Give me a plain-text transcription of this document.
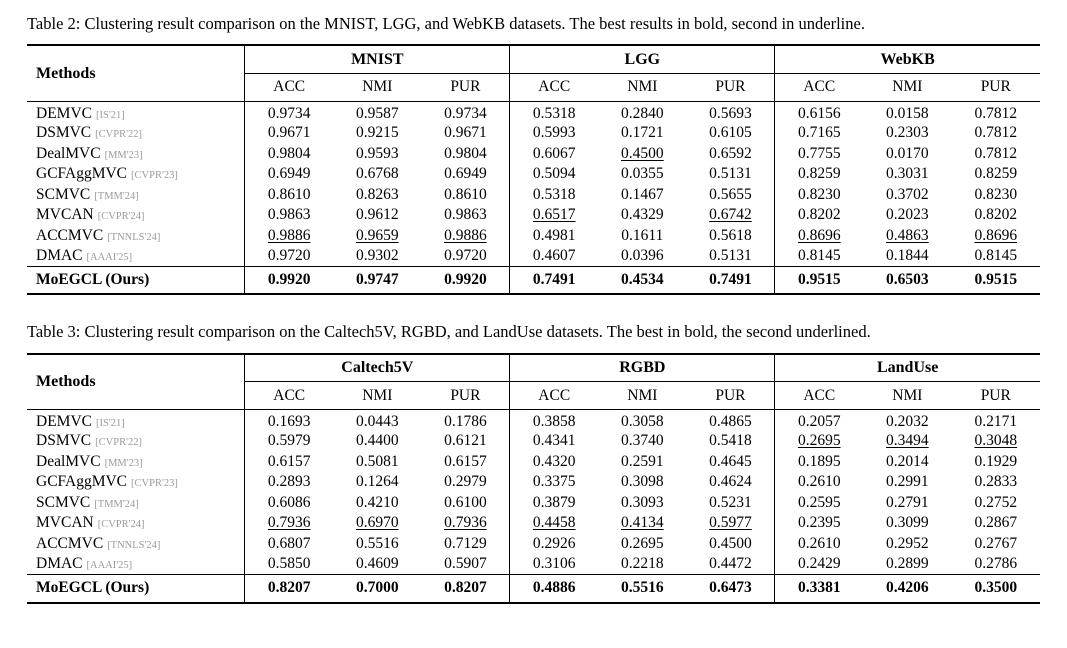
Table 2: Clustering result comparison on the MNIST, LGG, and WebKB datasets. The best results in bold, second in underline.
Methods	MNIST			LGG			WebKB		
	ACC	NMI	PUR	ACC	NMI	PUR	ACC	NMI	PUR
DEMVC [IS'21]	0.9734	0.9587	0.9734	0.5318	0.2840	0.5693	0.6156	0.0158	0.7812
DSMVC [CVPR'22]	0.9671	0.9215	0.9671	0.5993	0.1721	0.6105	0.7165	0.2303	0.7812
DealMVC [MM'23]	0.9804	0.9593	0.9804	0.6067	0.4500	0.6592	0.7755	0.0170	0.7812
GCFAggMVC [CVPR'23]	0.6949	0.6768	0.6949	0.5094	0.0355	0.5131	0.8259	0.3031	0.8259
SCMVC [TMM'24]	0.8610	0.8263	0.8610	0.5318	0.1467	0.5655	0.8230	0.3702	0.8230
MVCAN [CVPR'24]	0.9863	0.9612	0.9863	0.6517	0.4329	0.6742	0.8202	0.2023	0.8202
ACCMVC [TNNLS'24]	0.9886	0.9659	0.9886	0.4981	0.1611	0.5618	0.8696	0.4863	0.8696
DMAC [AAAI'25]	0.9720	0.9302	0.9720	0.4607	0.0396	0.5131	0.8145	0.1844	0.8145
MoEGCL (Ours)	0.9920	0.9747	0.9920	0.7491	0.4534	0.7491	0.9515	0.6503	0.9515
Table 3: Clustering result comparison on the Caltech5V, RGBD, and LandUse datasets. The best in bold, the second underlined.
Methods	Caltech5V			RGBD			LandUse		
	ACC	NMI	PUR	ACC	NMI	PUR	ACC	NMI	PUR
DEMVC [IS'21]	0.1693	0.0443	0.1786	0.3858	0.3058	0.4865	0.2057	0.2032	0.2171
DSMVC [CVPR'22]	0.5979	0.4400	0.6121	0.4341	0.3740	0.5418	0.2695	0.3494	0.3048
DealMVC [MM'23]	0.6157	0.5081	0.6157	0.4320	0.2591	0.4645	0.1895	0.2014	0.1929
GCFAggMVC [CVPR'23]	0.2893	0.1264	0.2979	0.3375	0.3098	0.4624	0.2610	0.2991	0.2833
SCMVC [TMM'24]	0.6086	0.4210	0.6100	0.3879	0.3093	0.5231	0.2595	0.2791	0.2752
MVCAN [CVPR'24]	0.7936	0.6970	0.7936	0.4458	0.4134	0.5977	0.2395	0.3099	0.2867
ACCMVC [TNNLS'24]	0.6807	0.5516	0.7129	0.2926	0.2695	0.4500	0.2610	0.2952	0.2767
DMAC [AAAI'25]	0.5850	0.4609	0.5907	0.3106	0.2218	0.4472	0.2429	0.2899	0.2786
MoEGCL (Ours)	0.8207	0.7000	0.8207	0.4886	0.5516	0.6473	0.3381	0.4206	0.3500
